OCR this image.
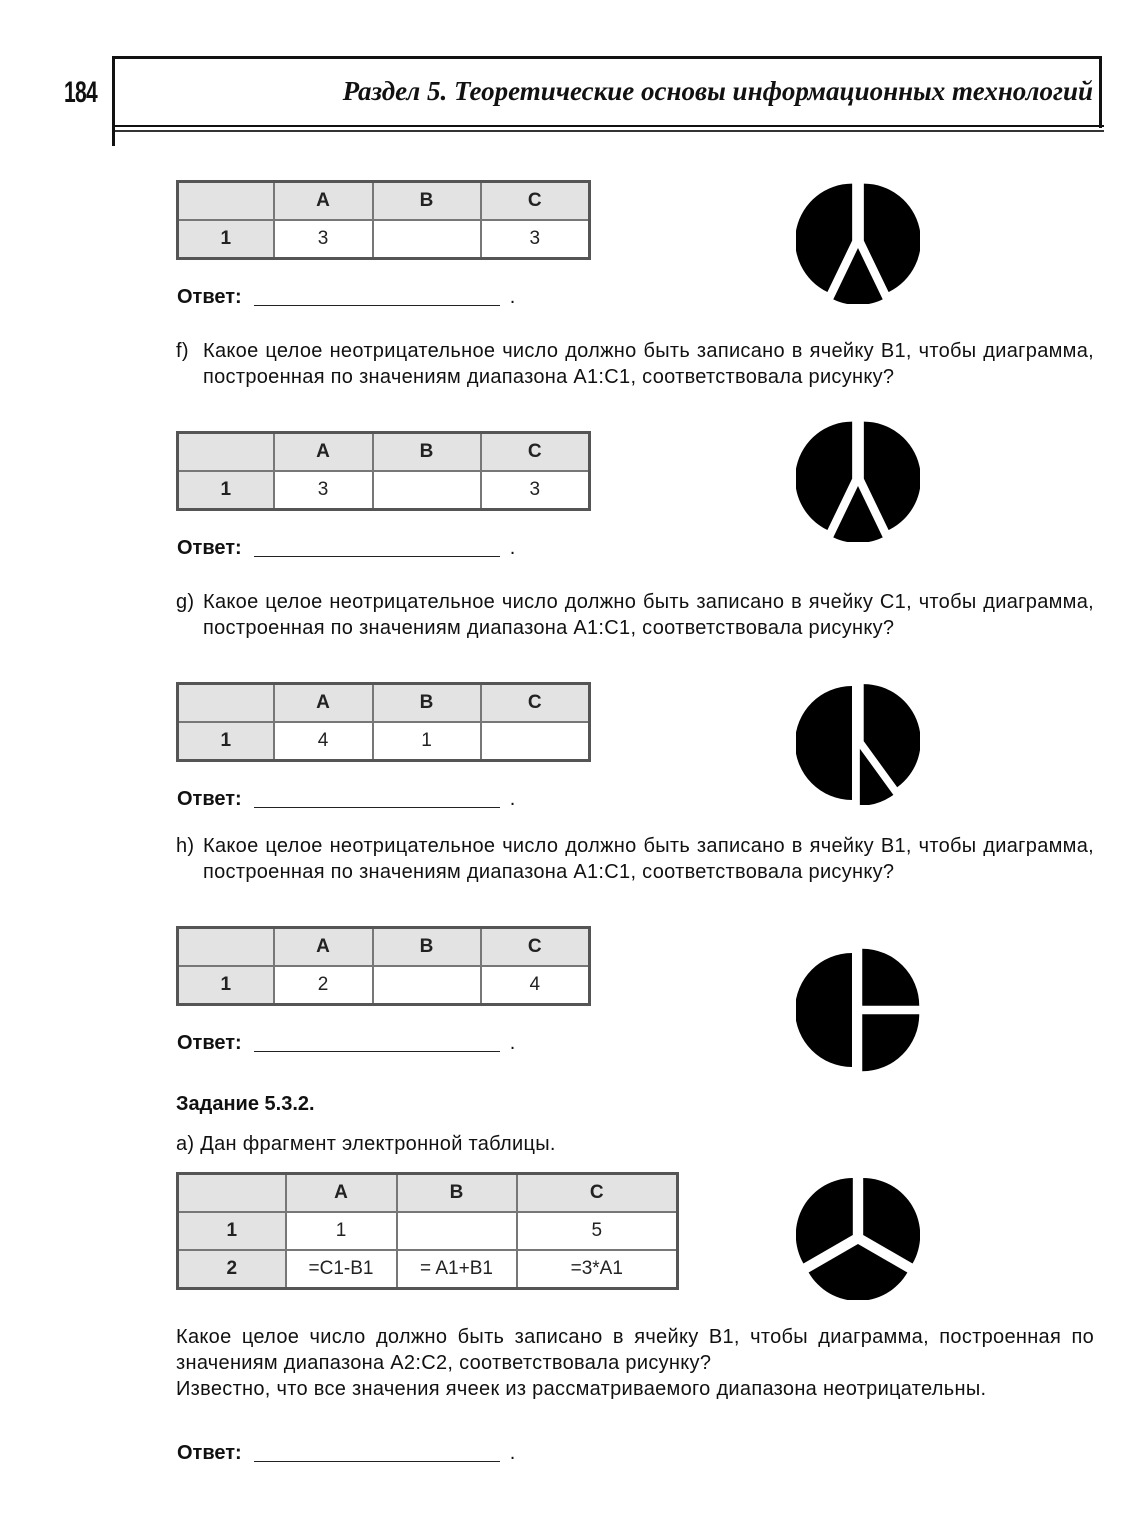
184	Раздел 5. Теоретические основы информационных технологий
	A	B	C
1	3		3
Ответ:	.
f) Какое целое неотрицательное число должно быть записано в ячейку B1, чтобы диаграмма, построенная по значениям диапазона A1:C1, соответствовала рисунку?
	A	B	C
1	3		3
Ответ:	.
g) Какое целое неотрицательное число должно быть записано в ячейку C1, чтобы диаграмма, построенная по значениям диапазона A1:C1, соответствовала рисунку?
	A	B	C
1	4	1	
Ответ:	.
h) Какое целое неотрицательное число должно быть записано в ячейку B1, чтобы диаграмма, построенная по значениям диапазона A1:C1, соответствовала рисунку?
	A	B	C
1	2		4
Ответ:	.
Задание 5.3.2.
a) Дан фрагмент электронной таблицы.
	A	B	C
1	1		5
2	=C1-B1	= A1+B1	=3*A1
Какое целое число должно быть записано в ячейку B1, чтобы диаграмма, построенная по значениям диапазона A2:C2, соответствовала рисунку?
Известно, что все значения ячеек из рассматриваемого диапазона неотрицательны.
Ответ:	.
